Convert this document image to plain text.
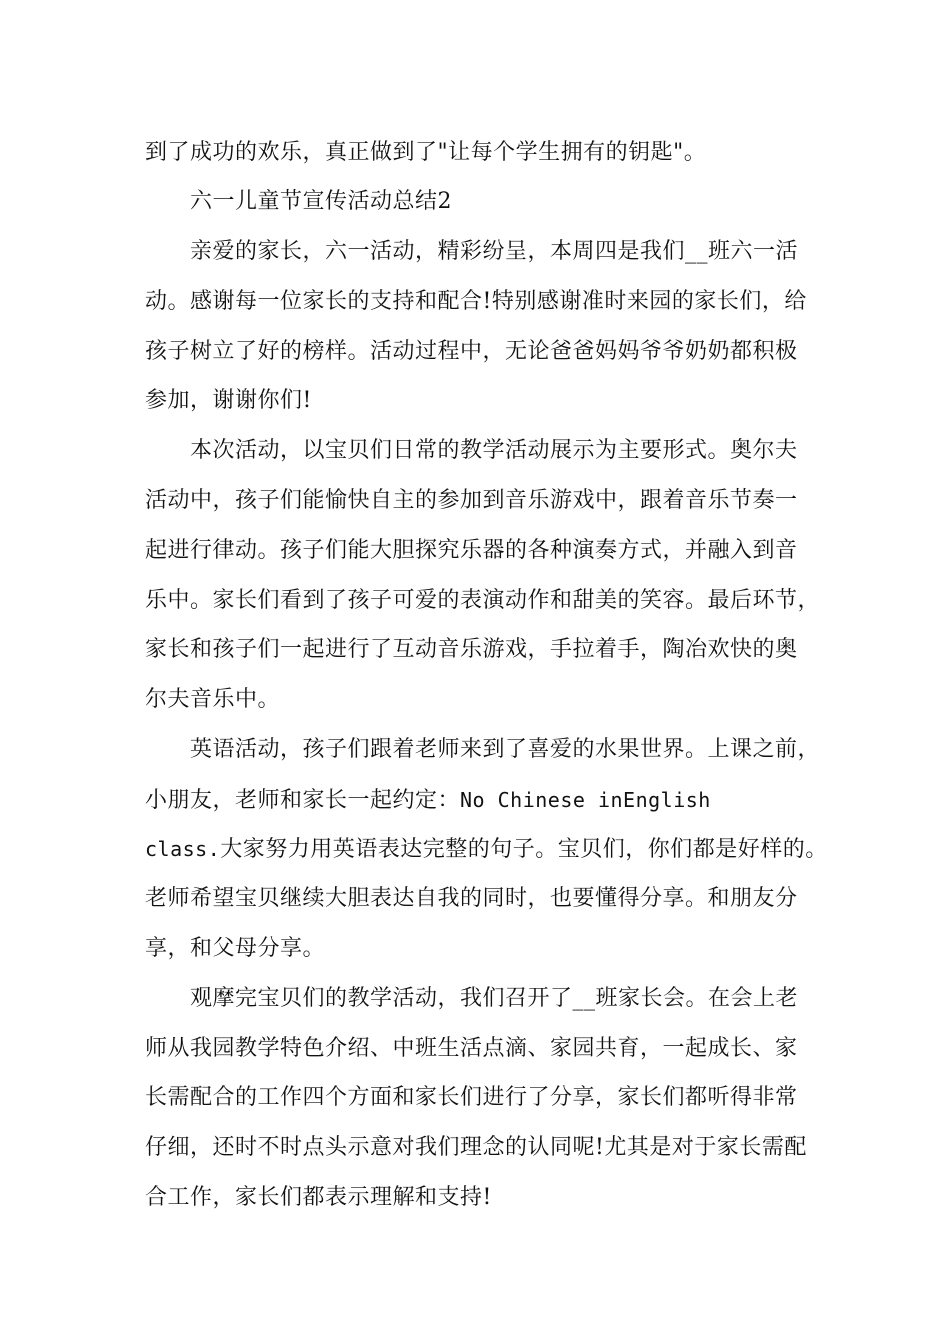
到了成功的欢乐，真正做到了"让每个学生拥有的钥匙"。
六一儿童节宣传活动总结2
亲爱的家长，六一活动，精彩纷呈，本周四是我们__班六一活
动。感谢每一位家长的支持和配合!特别感谢准时来园的家长们，给
孩子树立了好的榜样。活动过程中，无论爸爸妈妈爷爷奶奶都积极
参加，谢谢你们!
本次活动，以宝贝们日常的教学活动展示为主要形式。奥尔夫
活动中，孩子们能愉快自主的参加到音乐游戏中，跟着音乐节奏一
起进行律动。孩子们能大胆探究乐器的各种演奏方式，并融入到音
乐中。家长们看到了孩子可爱的表演动作和甜美的笑容。最后环节，
家长和孩子们一起进行了互动音乐游戏，手拉着手，陶冶欢快的奥
尔夫音乐中。
英语活动，孩子们跟着老师来到了喜爱的水果世界。上课之前，
小朋友，老师和家长一起约定：No Chinese inEnglish
class.大家努力用英语表达完整的句子。宝贝们，你们都是好样的。
老师希望宝贝继续大胆表达自我的同时，也要懂得分享。和朋友分
享，和父母分享。
观摩完宝贝们的教学活动，我们召开了__班家长会。在会上老
师从我园教学特色介绍、中班生活点滴、家园共育，一起成长、家
长需配合的工作四个方面和家长们进行了分享，家长们都听得非常
仔细，还时不时点头示意对我们理念的认同呢!尤其是对于家长需配
合工作，家长们都表示理解和支持!
